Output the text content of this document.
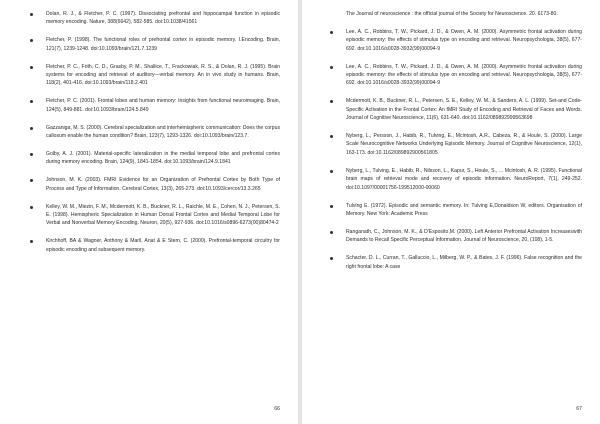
Dolan, R. J., & Fletcher, P. C. (1997). Dissociating prefrontal and hippocampal function in episodic memory encoding. Nature, 388(6642), 582-585. doi:10.1038/41561
Fletcher, P. (1998). The functional roles of prefrontal cortex in episodic memory. I.Encoding. Brain, 121(7), 1239-1248. doi:10.1093/brain/121.7.1239
Fletcher, P. C., Frith, C. D., Grasby, P. M., Shallice, T., Frackowiak, R. S., & Dolan, R. J. (1995). Brain systems for encoding and retrieval of auditory—verbal memory. An in vivo study in humans. Brain, 118(2), 401-416. doi:10.1093/brain/118.2.401
Fletcher, P. C. (2001). Frontal lobes and human memory: Insights from functional neuroimaging. Brain, 124(5), 849-881. doi:10.1093/brain/124.5.849
Gazzaniga, M. S. (2000). Cerebral specialization and interhemispheric communication: Does the corpus callosum enable the human condition? Brain, 123(7), 1293-1326. doi:10.1093/brain/123.7.
Golby, A. J. (2001). Material-specific lateralization in the medial temporal lobe and prefrontal cortex during memory encoding. Brain, 124(9), 1841-1854. doi:10.1093/brain/124.9.1841
Johnson, M. K. (2003). FMRI Evidence for an Organization of Prefrontal Cortex by Both Type of Process and Type of Information. Cerebral Cortex, 13(3), 265-273. doi:10.1093/cercor/13.3.265
Kelley, W. M., Miezin, F. M., Mcdermott, K. B., Buckner, R. L., Raichle, M. E., Cohen, N. J., Petersen, S. E. (1998). Hemispheric Specialization in Human Dorsal Frontal Cortex and Medial Temporal Lobe for Verbal and Nonverbal Memory Encoding. Neuron, 20(5), 927-936. doi:10.1016/s0896-6273(00)80474-2
Kirchhoff, BA & Wagner, Anthony & Maril, Anat & E Stern, C. (2000). Prefrontal-temporal circuitry for episodic encoding and subsequent memory.
66
The Journal of neuroscience : the official journal of the Society for Neuroscience. 20. 6173-80.
Lee, A. C., Robbins, T. W., Pickard, J. D., & Owen, A. M. (2000). Asymmetric frontal activation during episodic memory: the effects of stimulus type on encoding and retrieval. Neuropsychologia, 38(5), 677-692. doi:10.1016/s0028-3932(99)00094-9
Lee, A. C., Robbins, T. W., Pickard, J. D., & Owen, A. M. (2000). Asymmetric frontal activation during episodic memory: the effects of stimulus type on encoding and retrieval. Neuropsychologia, 38(5), 677-692. doi:10.1016/s0028-3932(99)00094-9
Mcdermott, K. B., Buckner, R. L., Petersen, S. E., Kelley, W. M., & Sanders, A. L. (1999). Set-and Code-Specific Activation in the Frontal Cortex: An fMRI Study of Encoding and Retrieval of Faces and Words. Journal of Cognitive Neuroscience, 11(6), 631-640. doi:10.1162/089892999563698
Nyberg, L., Persson, J., Habib, R., Tulving, E., Mcintosh, A.R., Cabeza, R., & Houle, S. (2000). Large Scale Neurocognitive Networks Underlying Episodic Memory. Journal of Cognitive Neuroscience, 12(1), 163-173. doi:10.1162/089892900561805
Nyberg, L., Tulving, E., Habib, R., Nilsson, L., Kapur, S., Houle, S., ... Mcintosh, A. R. (1995). Functional brain maps of retrieval mode and recovery of episodic information. NeuroReport, 7(1), 249-252. doi:10.1097/00001756-199512000-00060
Tulving E. (1972). Episodic and semantic memory. In: Tulving E,Donaldson W, editors. Organisation of Memory. New York: Academic Press
Ranganath, C., Johnson, M. K., & D'Esposito,M. (2000). Left Anterior Prefrontal Activation Increaseswith Demands to Recall Specific Perceptual Information. Journal of Neuroscience, 20, (108), 1-5.
Schacter, D. L., Curran, T., Galluccio, L., Milberg, W. P., & Bates, J. F. (1996). False recognition and the right frontal lobe: A case
67
